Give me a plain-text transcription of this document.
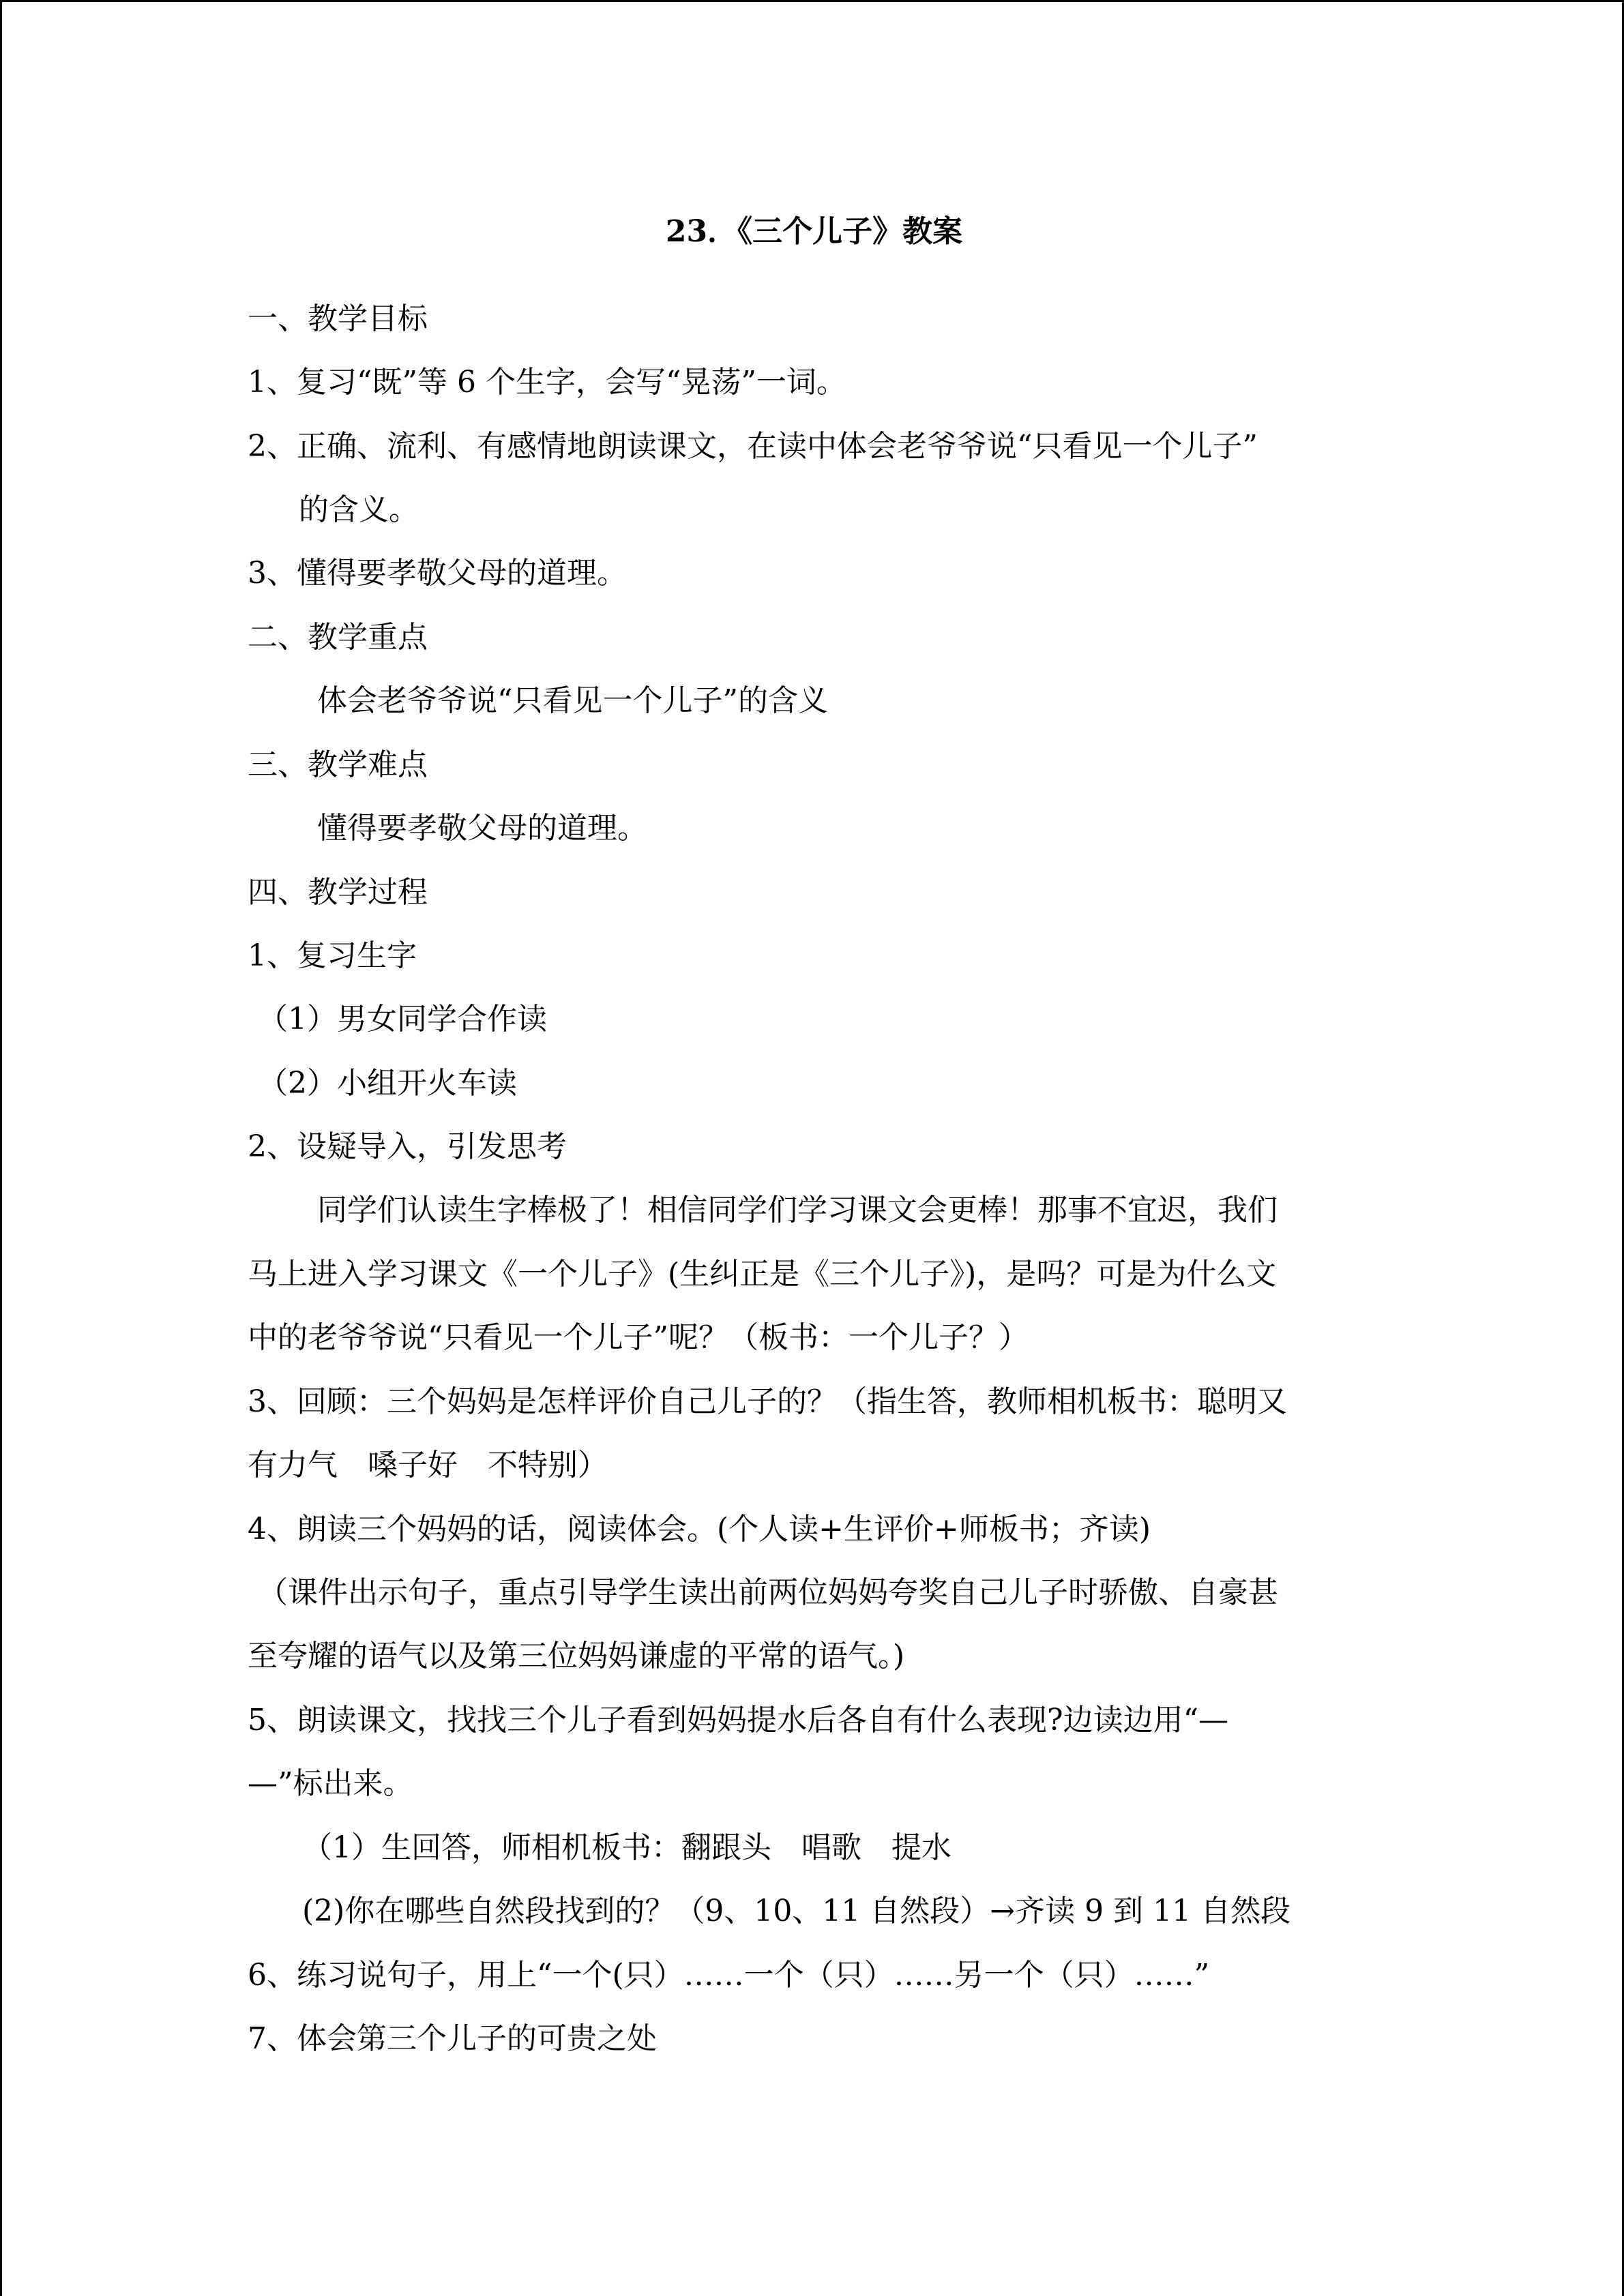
23．《三个儿子》教案

一、教学目标

1、复习“既”等 6 个生字，会写“晃荡”一词。

2、正确、流利、有感情地朗读课文，在读中体会老爷爷说“只看见一个儿子”

的含义。

3、懂得要孝敬父母的道理。

二、教学重点

体会老爷爷说“只看见一个儿子”的含义

三、教学难点

懂得要孝敬父母的道理。

四、教学过程

1、复习生字

（1）男女同学合作读

（2）小组开火车读

2、设疑导入，引发思考

同学们认读生字棒极了！相信同学们学习课文会更棒！那事不宜迟，我们

马上进入学习课文《一个儿子》(生纠正是《三个儿子》)，是吗？可是为什么文

中的老爷爷说“只看见一个儿子”呢？（板书：一个儿子？）

3、回顾：三个妈妈是怎样评价自己儿子的？（指生答，教师相机板书：聪明又

有力气　嗓子好　不特别）

4、朗读三个妈妈的话，阅读体会。(个人读+生评价+师板书；齐读)

（课件出示句子，重点引导学生读出前两位妈妈夸奖自己儿子时骄傲、自豪甚

至夸耀的语气以及第三位妈妈谦虚的平常的语气。)

5、朗读课文，找找三个儿子看到妈妈提水后各自有什么表现?边读边用“—

—”标出来。

（1）生回答，师相机板书：翻跟头　唱歌　提水

(2)你在哪些自然段找到的？（9、10、11 自然段）→齐读 9 到 11 自然段

6、练习说句子，用上“一个(只）……一个（只）……另一个（只）……”

7、体会第三个儿子的可贵之处
